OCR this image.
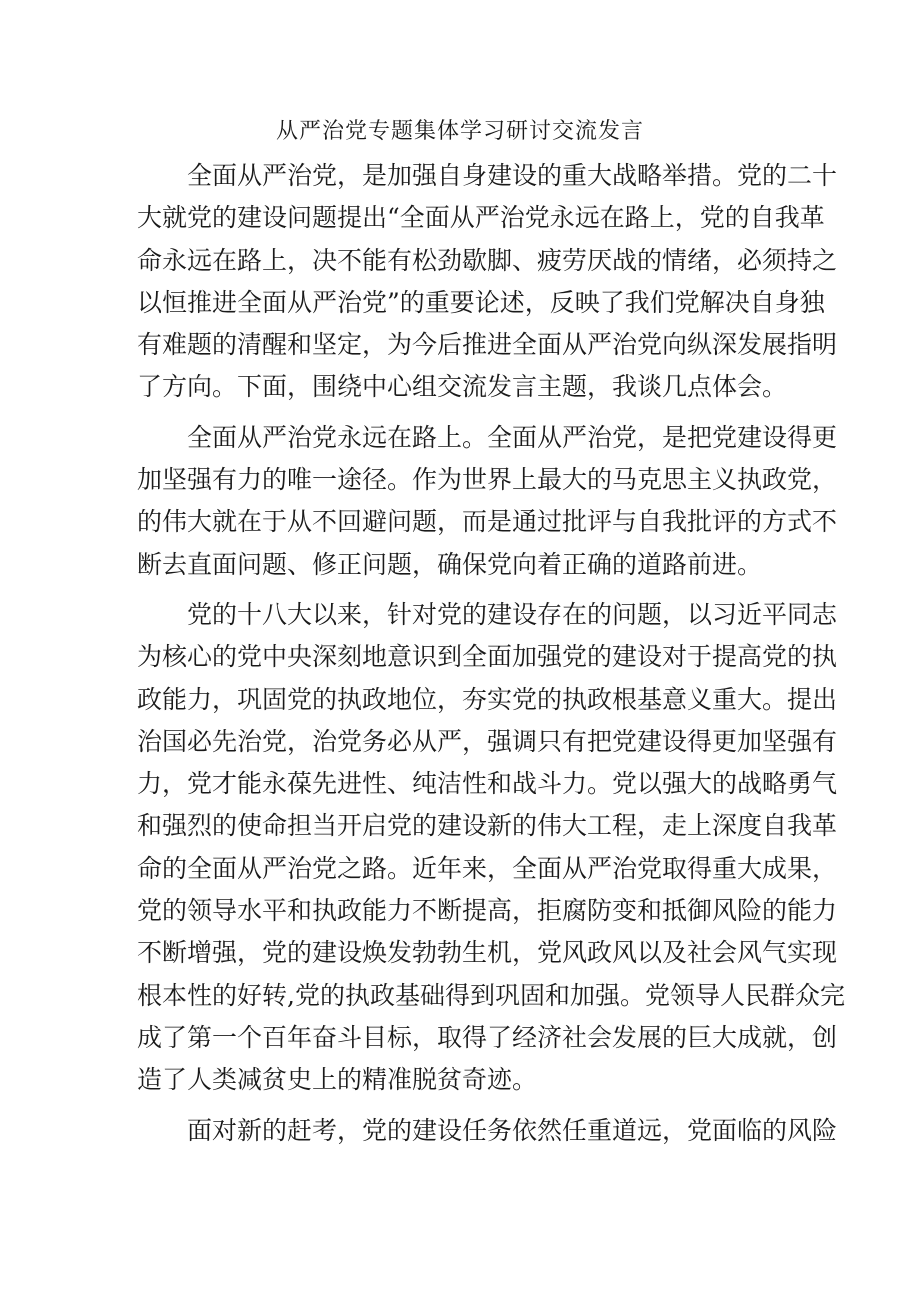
从严治党专题集体学习研讨交流发言
全面从严治党，是加强自身建设的重大战略举措。党的二十
大就党的建设问题提出“全面从严治党永远在路上，党的自我革
命永远在路上，决不能有松劲歇脚、疲劳厌战的情绪，必须持之
以恒推进全面从严治党”的重要论述，反映了我们党解决自身独
有难题的清醒和坚定，为今后推进全面从严治党向纵深发展指明
了方向。下面，围绕中心组交流发言主题，我谈几点体会。
全面从严治党永远在路上。全面从严治党，是把党建设得更
加坚强有力的唯一途径。作为世界上最大的马克思主义执政党，
的伟大就在于从不回避问题，而是通过批评与自我批评的方式不
断去直面问题、修正问题，确保党向着正确的道路前进。
党的十八大以来，针对党的建设存在的问题，以习近平同志
为核心的党中央深刻地意识到全面加强党的建设对于提高党的执
政能力，巩固党的执政地位，夯实党的执政根基意义重大。提出
治国必先治党，治党务必从严，强调只有把党建设得更加坚强有
力，党才能永葆先进性、纯洁性和战斗力。党以强大的战略勇气
和强烈的使命担当开启党的建设新的伟大工程，走上深度自我革
命的全面从严治党之路。近年来，全面从严治党取得重大成果，
党的领导水平和执政能力不断提高，拒腐防变和抵御风险的能力
不断增强，党的建设焕发勃勃生机，党风政风以及社会风气实现
根本性的好转,党的执政基础得到巩固和加强。党领导人民群众完
成了第一个百年奋斗目标，取得了经济社会发展的巨大成就，创
造了人类减贫史上的精准脱贫奇迹。
面对新的赶考，党的建设任务依然任重道远，党面临的风险
